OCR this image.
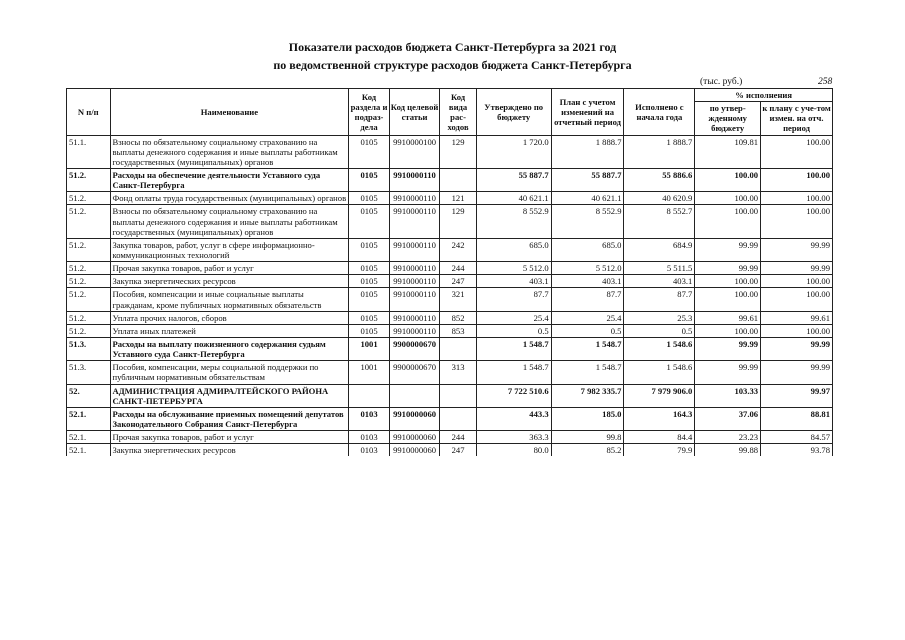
Показатели расходов бюджета Санкт-Петербурга за 2021 год
по ведомственной структуре расходов бюджета Санкт-Петербурга
(тыс. руб.)	258
N п/п	Наименование	Код раздела и подраз-дела	Код целевой статьи	Код вида рас-ходов	Утверждено по бюджету	План с учетом изменений на отчетный период	Исполнено с начала года	% исполнения	
								по утвер-жденному бюджету	к плану с уче-том измен. на отч. период
51.1.	Взносы по обязательному социальному страхованию на выплаты денежного содержания и иные выплаты работникам государственных (муниципальных) органов	0105	9910000100	129	1 720.0	1 888.7	1 888.7	109.81	100.00
51.2.	Расходы на обеспечение деятельности Уставного суда Санкт-Петербурга	0105	9910000110		55 887.7	55 887.7	55 886.6	100.00	100.00
51.2.	Фонд оплаты труда государственных (муниципальных) органов	0105	9910000110	121	40 621.1	40 621.1	40 620.9	100.00	100.00
51.2.	Взносы по обязательному социальному страхованию на выплаты денежного содержания и иные выплаты работникам государственных (муниципальных) органов	0105	9910000110	129	8 552.9	8 552.9	8 552.7	100.00	100.00
51.2.	Закупка товаров, работ, услуг в сфере информационно-коммуникационных технологий	0105	9910000110	242	685.0	685.0	684.9	99.99	99.99
51.2.	Прочая закупка товаров, работ и услуг	0105	9910000110	244	5 512.0	5 512.0	5 511.5	99.99	99.99
51.2.	Закупка энергетических ресурсов	0105	9910000110	247	403.1	403.1	403.1	100.00	100.00
51.2.	Пособия, компенсации и иные социальные выплаты гражданам, кроме публичных нормативных обязательств	0105	9910000110	321	87.7	87.7	87.7	100.00	100.00
51.2.	Уплата прочих налогов, сборов	0105	9910000110	852	25.4	25.4	25.3	99.61	99.61
51.2.	Уплата иных платежей	0105	9910000110	853	0.5	0.5	0.5	100.00	100.00
51.3.	Расходы на выплату пожизненного содержания судьям Уставного суда Санкт-Петербурга	1001	9900000670		1 548.7	1 548.7	1 548.6	99.99	99.99
51.3.	Пособия, компенсации, меры социальной поддержки по публичным нормативным обязательствам	1001	9900000670	313	1 548.7	1 548.7	1 548.6	99.99	99.99
52.	АДМИНИСТРАЦИЯ АДМИРАЛТЕЙСКОГО РАЙОНА САНКТ-ПЕТЕРБУРГА				7 722 510.6	7 982 335.7	7 979 906.0	103.33	99.97
52.1.	Расходы на обслуживание приемных помещений депутатов Законодательного Собрания Санкт-Петербурга	0103	9910000060		443.3	185.0	164.3	37.06	88.81
52.1.	Прочая закупка товаров, работ и услуг	0103	9910000060	244	363.3	99.8	84.4	23.23	84.57
52.1.	Закупка энергетических ресурсов	0103	9910000060	247	80.0	85.2	79.9	99.88	93.78
